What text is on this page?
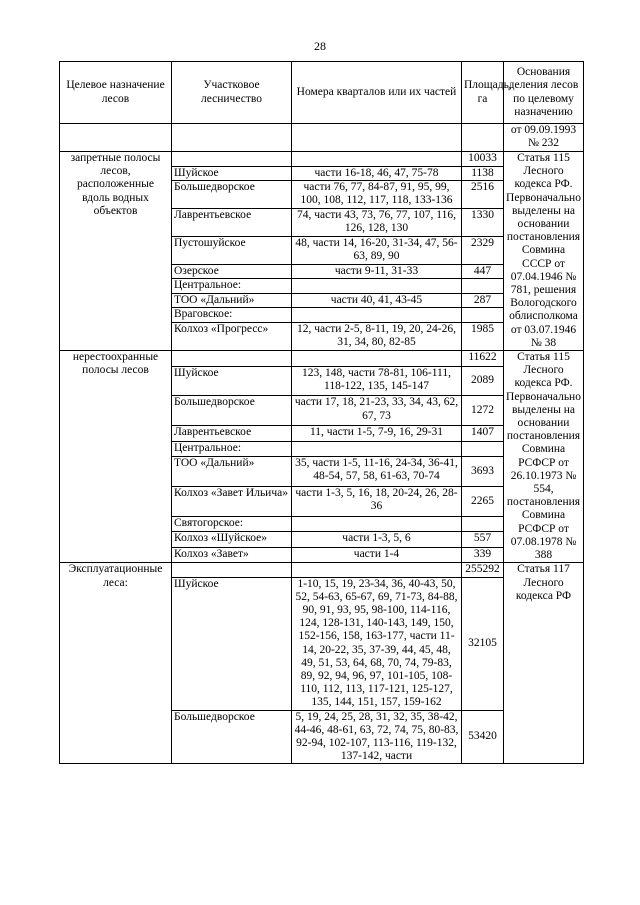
28
Целевое назначение лесов	Участковое лесничество	Номера кварталов или их частей	Площадь, га	Основания деления лесов по целевому назначению
				от 09.09.1993 № 232
запретные полосы лесов, расположенные вдоль водных объектов			10033	Статья 115 Лесного кодекса РФ. Первоначально выделены на основании постановления Совмина СССР от 07.04.1946 № 781, решения Вологодского облисполкома от 03.07.1946 № 38
	Шуйское	части 16-18, 46, 47, 75-78	1138	
	Большедворское	части 76, 77, 84-87, 91, 95, 99, 100, 108, 112, 117, 118, 133-136	2516	
	Лаврентьевское	74, части 43, 73, 76, 77, 107, 116, 126, 128, 130	1330	
	Пустошуйское	48, части 14, 16-20, 31-34, 47, 56-63, 89, 90	2329	
	Озерское	части 9-11, 31-33	447	
	Центральное:			
	ТОО «Дальний»	части 40, 41, 43-45	287	
	Враговское:			
	Колхоз «Прогресс»	12, части 2-5, 8-11, 19, 20, 24-26, 31, 34, 80, 82-85	1985	
нерестоохранные полосы лесов			11622	Статья 115 Лесного кодекса РФ. Первоначально выделены на основании постановления Совмина РСФСР от 26.10.1973 № 554, постановления Совмина РСФСР от 07.08.1978 № 388
	Шуйское	123, 148, части 78-81, 106-111, 118-122, 135, 145-147	2089	
	Большедворское	части 17, 18, 21-23, 33, 34, 43, 62, 67, 73	1272	
	Лаврентьевское	11, части 1-5, 7-9, 16, 29-31	1407	
	Центральное:			
	ТОО «Дальний»	35, части 1-5, 11-16, 24-34, 36-41, 48-54, 57, 58, 61-63, 70-74	3693	
	Колхоз «Завет Ильича»	части 1-3, 5, 16, 18, 20-24, 26, 28-36	2265	
	Святогорское:			
	Колхоз «Шуйское»	части 1-3, 5, 6	557	
	Колхоз «Завет»	части 1-4	339	
Эксплуатационные леса:			255292	Статья 117 Лесного кодекса РФ
	Шуйское	1-10, 15, 19, 23-34, 36, 40-43, 50, 52, 54-63, 65-67, 69, 71-73, 84-88, 90, 91, 93, 95, 98-100, 114-116, 124, 128-131, 140-143, 149, 150, 152-156, 158, 163-177, части 11-14, 20-22, 35, 37-39, 44, 45, 48, 49, 51, 53, 64, 68, 70, 74, 79-83, 89, 92, 94, 96, 97, 101-105, 108-110, 112, 113, 117-121, 125-127, 135, 144, 151, 157, 159-162	32105	
	Большедворское	5, 19, 24, 25, 28, 31, 32, 35, 38-42, 44-46, 48-61, 63, 72, 74, 75, 80-83, 92-94, 102-107, 113-116, 119-132, 137-142, части	53420	
